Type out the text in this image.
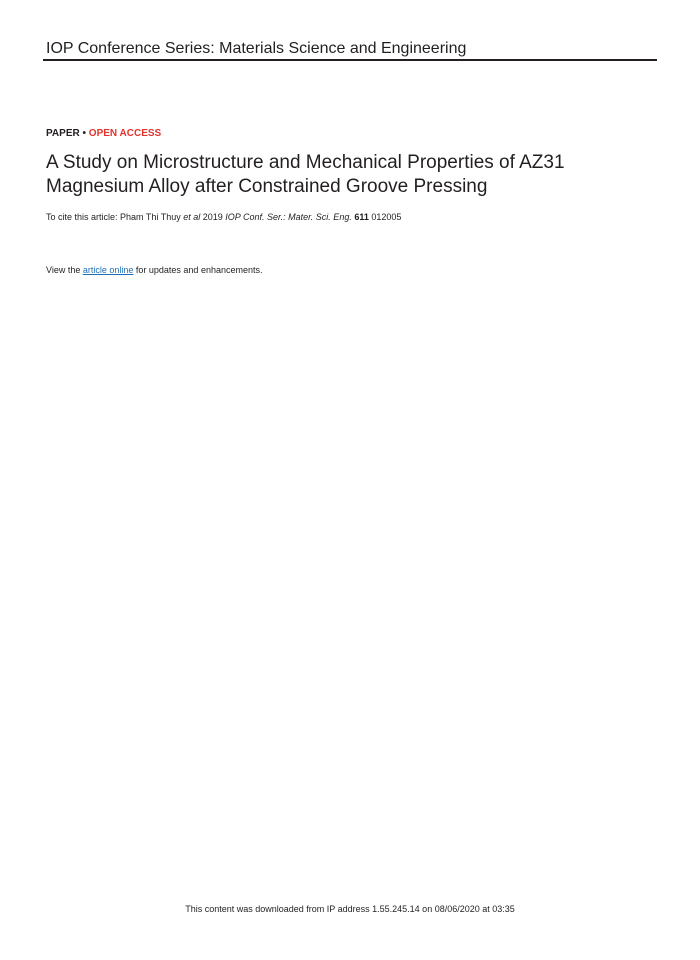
IOP Conference Series: Materials Science and Engineering
PAPER • OPEN ACCESS
A Study on Microstructure and Mechanical Properties of AZ31
Magnesium Alloy after Constrained Groove Pressing
To cite this article: Pham Thi Thuy et al 2019 IOP Conf. Ser.: Mater. Sci. Eng. 611 012005
View the article online for updates and enhancements.
This content was downloaded from IP address 1.55.245.14 on 08/06/2020 at 03:35
